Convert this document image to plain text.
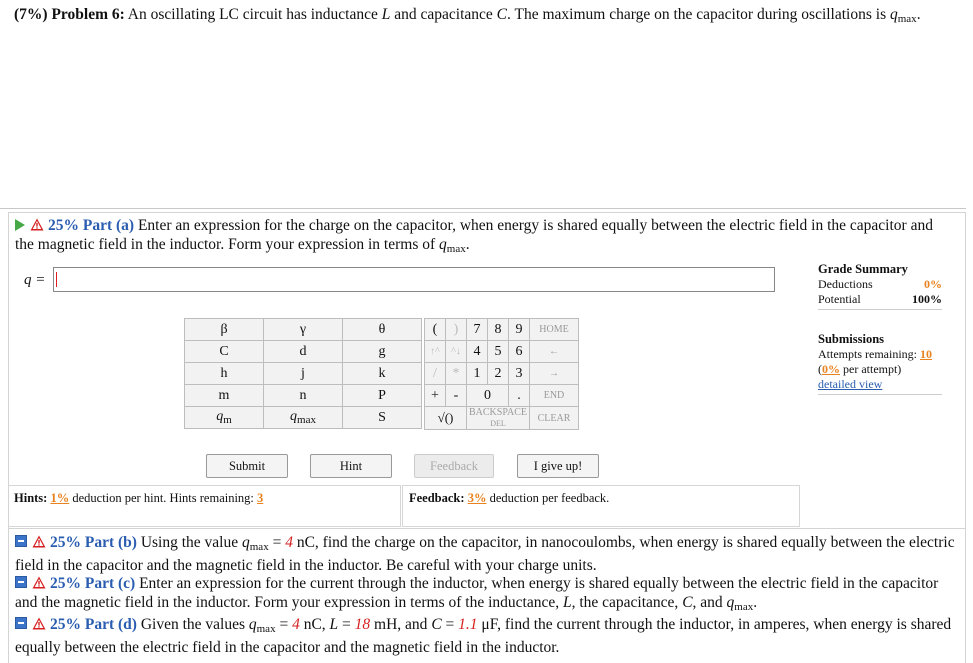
(7%) Problem 6: An oscillating LC circuit has inductance L and capacitance C. The maximum charge on the capacitor during oscillations is $q_{max}$.
25% Part (a) Enter an expression for the charge on the capacitor, when energy is shared equally between the electric field in the capacitor and the magnetic field in the inductor. Form your expression in terms of $q_{max}$.
q =
Grade Summary
Deductions	0%
Potential	100%
Submissions
Attempts remaining: 10
(0% per attempt)
detailed view
β	γ	θ
C	d	g
h	j	k
m	n	P
$q_m$	$q_{max}$	S
(	)	7	8	9	HOME
↑^	^↓	4	5	6	←
/	*	1	2	3	→
+	-	0		.	END
√()		BACKSPACE DEL			CLEAR
Submit	Hint	Feedback	I give up!
Hints: 1% deduction per hint. Hints remaining: 3	Feedback: 3% deduction per feedback.
25% Part (b) Using the value $q_{max} = 4$ nC, find the charge on the capacitor, in nanocoulombs, when energy is shared equally between the electric field in the capacitor and the magnetic field in the inductor. Be careful with your charge units.
25% Part (c) Enter an expression for the current through the inductor, when energy is shared equally between the electric field in the capacitor and the magnetic field in the inductor. Form your expression in terms of the inductance, L, the capacitance, C, and $q_{max}$.
25% Part (d) Given the values $q_{max} = 4$ nC, L = 18 mH, and C = 1.1 μF, find the current through the inductor, in amperes, when energy is shared equally between the electric field in the capacitor and the magnetic field in the inductor.
